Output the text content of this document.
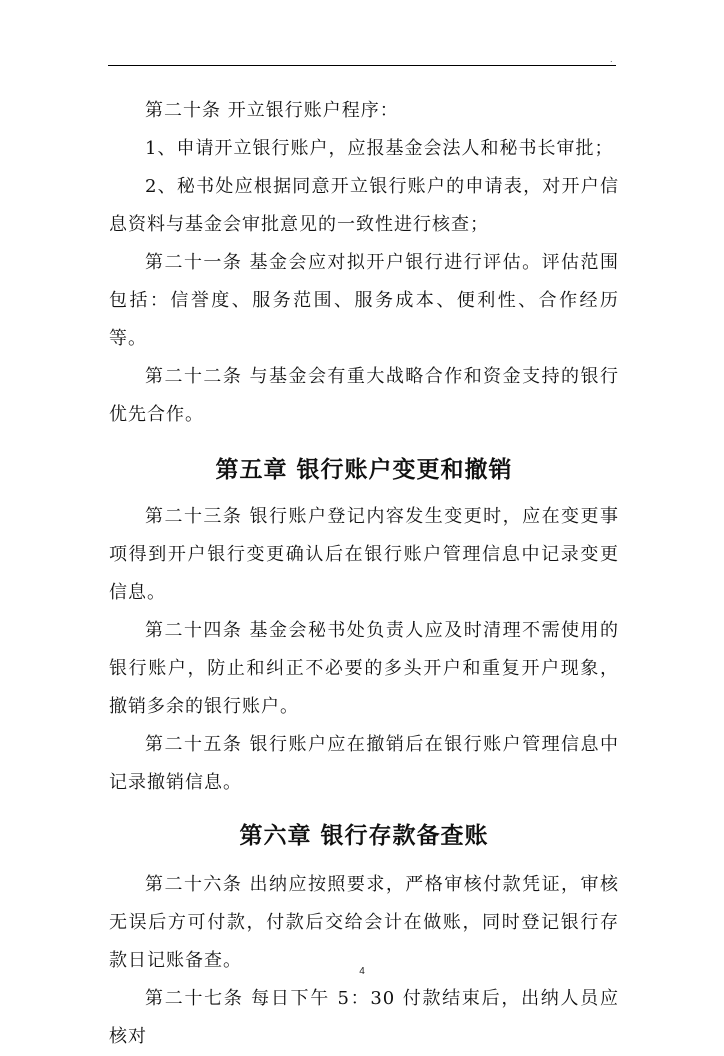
.

第二十条 开立银行账户程序：

1、申请开立银行账户，应报基金会法人和秘书长审批；

2、秘书处应根据同意开立银行账户的申请表，对开户信息资料与基金会审批意见的一致性进行核查；

第二十一条 基金会应对拟开户银行进行评估。评估范围包括：信誉度、服务范围、服务成本、便利性、合作经历等。

第二十二条 与基金会有重大战略合作和资金支持的银行优先合作。

第五章 银行账户变更和撤销

第二十三条 银行账户登记内容发生变更时，应在变更事项得到开户银行变更确认后在银行账户管理信息中记录变更信息。

第二十四条 基金会秘书处负责人应及时清理不需使用的银行账户，防止和纠正不必要的多头开户和重复开户现象，撤销多余的银行账户。

第二十五条 银行账户应在撤销后在银行账户管理信息中记录撤销信息。

第六章 银行存款备查账

第二十六条 出纳应按照要求，严格审核付款凭证，审核无误后方可付款，付款后交给会计在做账，同时登记银行存款日记账备查。

第二十七条 每日下午 5：30 付款结束后，出纳人员应核对

4
